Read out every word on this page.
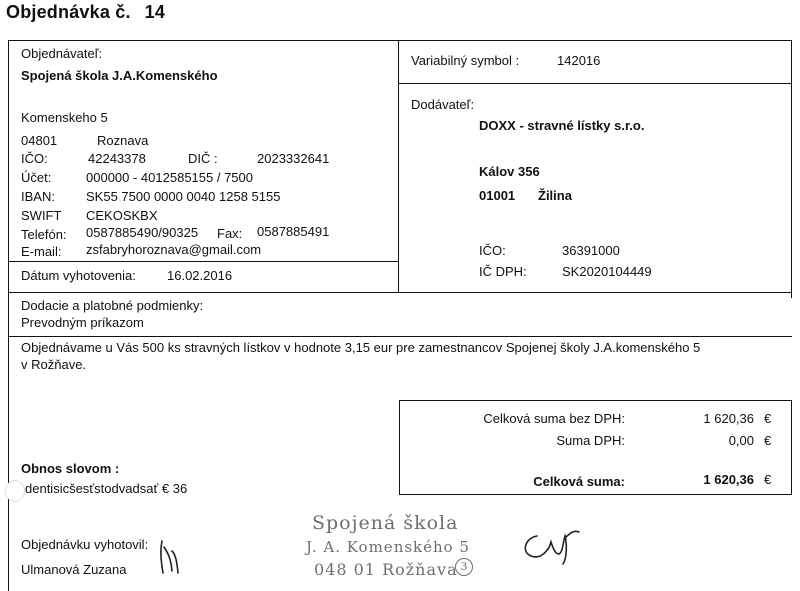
Objednávka č. 14
Objednávateľ:
Spojená škola J.A.Komenského
Komenskeho 5
04801	Roznava
IČO:	42243378	DIČ :	2023332641
Účet:	000000 - 4012585155 / 7500
IBAN: SK55 7500 0000 0040 1258 5155
SWIFT CEKOSKBX
Telefón: 0587885490/90325 Fax: 0587885491
E-mail: zsfabryhoroznava@gmail.com
Dátum vyhotovenia: 16.02.2016
Variabilný symbol :	142016
Dodávateľ:
DOXX - stravné lístky s.r.o.
Kálov 356
01001 Žilina
IČO:	36391000
IČ DPH:	SK2020104449
Dodacie a platobné podmienky:
Prevodným príkazom
Objednávame u Vás 500 ks stravných lístkov v hodnote 3,15 eur pre zamestnancov Spojenej školy J.A.komenského 5
v Rožňave.
Celková suma bez DPH:	1 620,36 €
Suma DPH:	0,00 €
Celková suma:	1 620,36 €
Obnos slovom :
dentisicšesťstodvadsať € 36
Objednávku vyhotovil:
Ulmanová Zuzana
Spojená škola
J. A. Komenského 5
048 01 Rožňava 3
